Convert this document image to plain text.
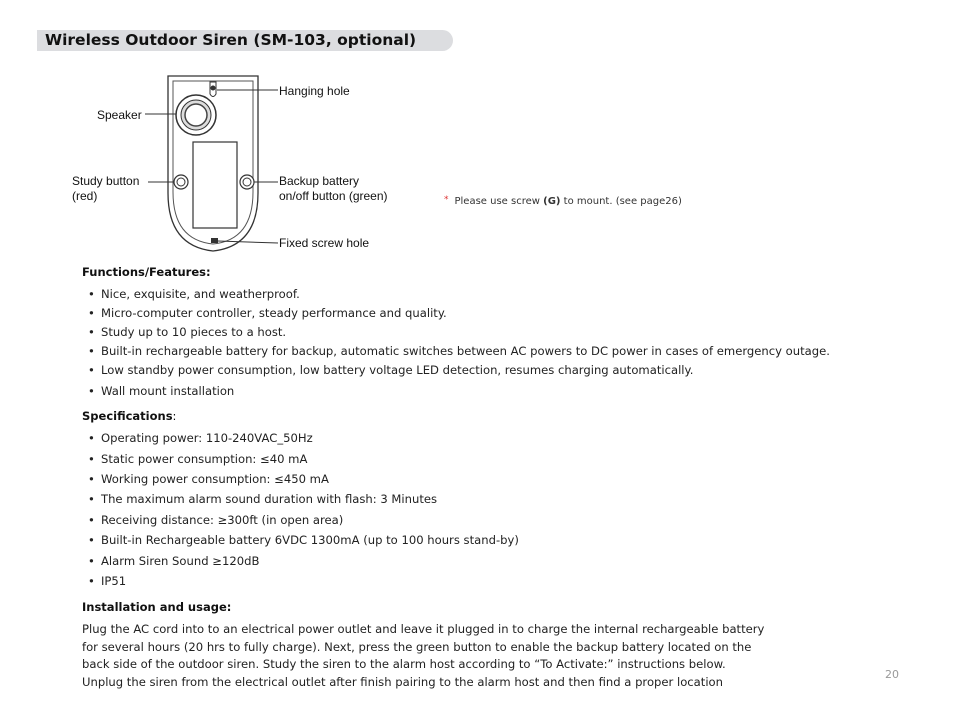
Wireless Outdoor Siren (SM-103, optional)
Hanging hole
Speaker
Study button
(red)
Backup battery
on/off button (green)
Fixed screw hole
* Please use screw (G) to mount. (see page26)
Functions/Features:
• Nice, exquisite, and weatherproof.
• Micro-computer controller, steady performance and quality.
• Study up to 10 pieces to a host.
• Built-in rechargeable battery for backup, automatic switches between AC powers to DC power in cases of emergency outage.
• Low standby power consumption, low battery voltage LED detection, resumes charging automatically.
• Wall mount installation
Specifications:
• Operating power: 110-240VAC_50Hz
• Static power consumption: ≤40 mA
• Working power consumption: ≤450 mA
• The maximum alarm sound duration with flash: 3 Minutes
• Receiving distance: ≥300ft (in open area)
• Built-in Rechargeable battery 6VDC 1300mA (up to 100 hours stand-by)
• Alarm Siren Sound ≥120dB
• IP51
Installation and usage:
Plug the AC cord into to an electrical power outlet and leave it plugged in to charge the internal rechargeable battery
for several hours (20 hrs to fully charge). Next, press the green button to enable the backup battery located on the
back side of the outdoor siren. Study the siren to the alarm host according to “To Activate:” instructions below.
Unplug the siren from the electrical outlet after finish pairing to the alarm host and then find a proper location	20
